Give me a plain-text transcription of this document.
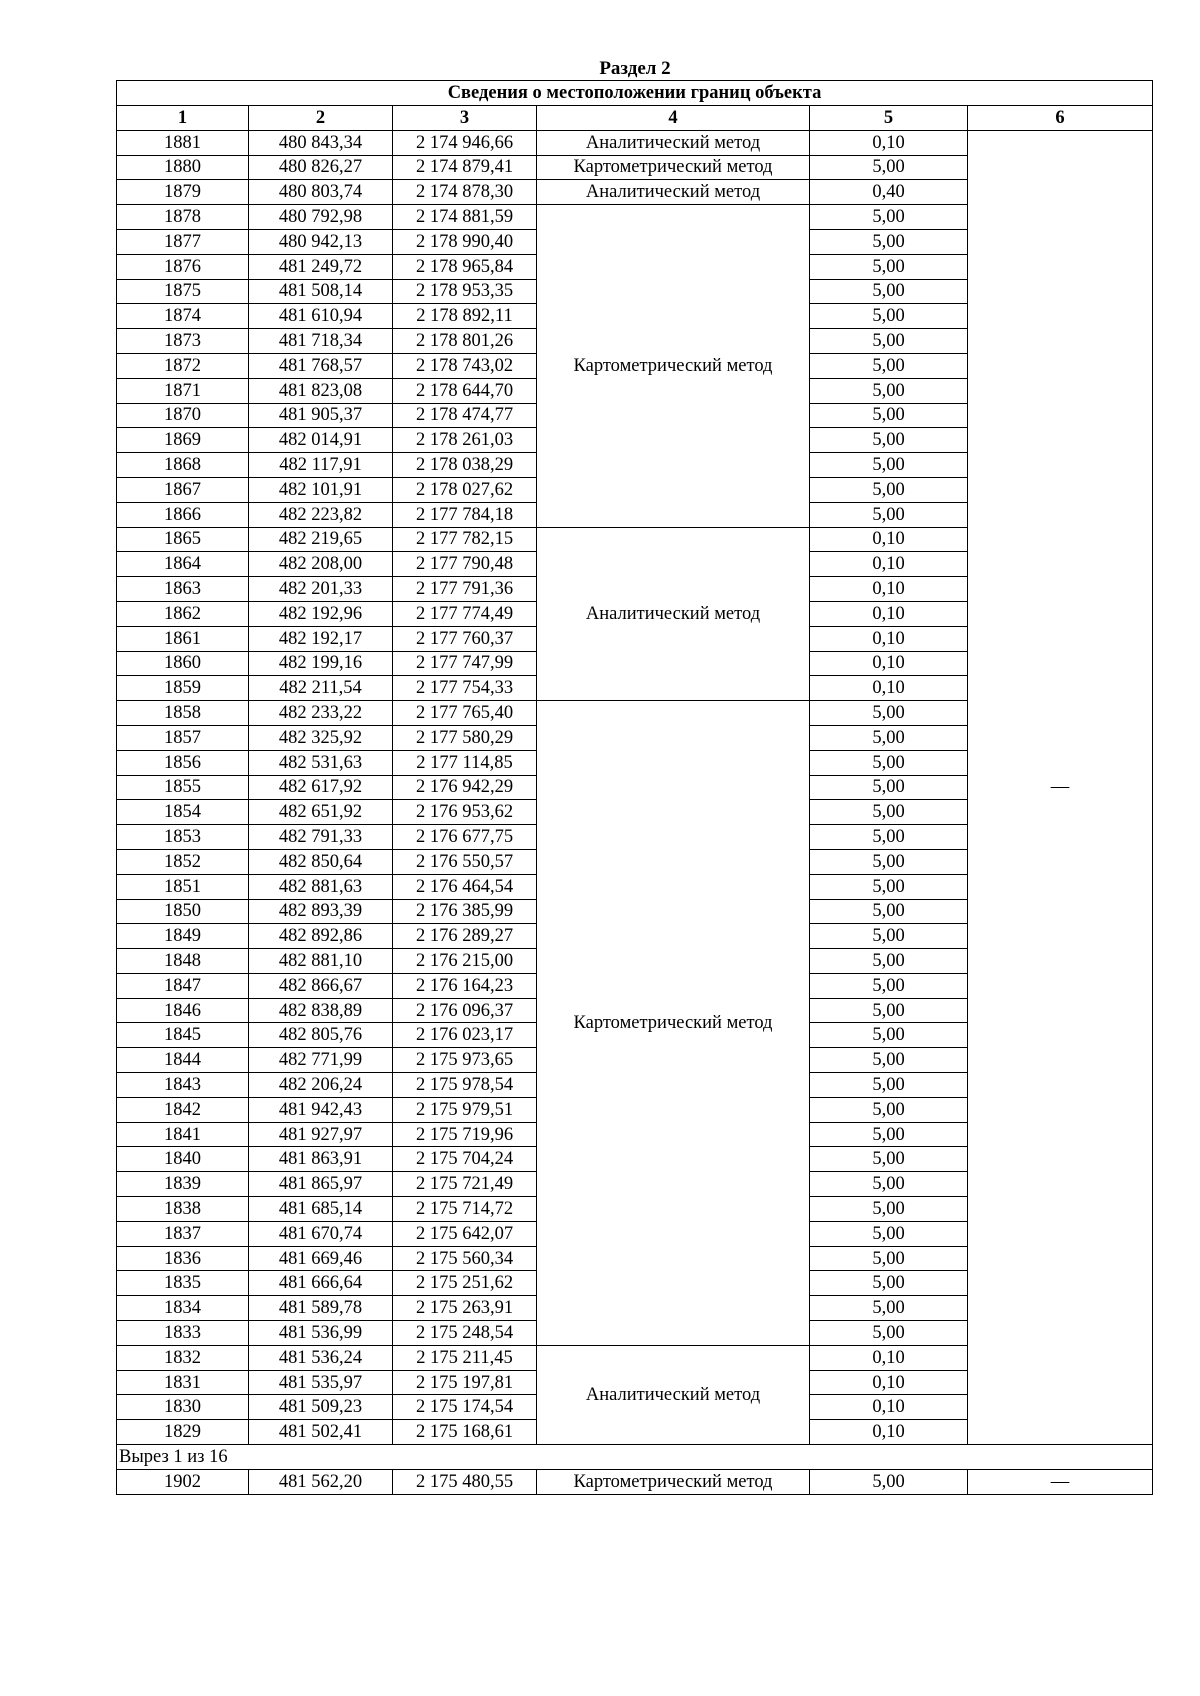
Раздел 2
Сведения о местоположении границ объекта					
1	2	3	4	5	6
1881	480 843,34	2 174 946,66	Аналитический метод	0,10	—
1880	480 826,27	2 174 879,41	Картометрический метод	5,00	
1879	480 803,74	2 174 878,30	Аналитический метод	0,40	
1878	480 792,98	2 174 881,59	Картометрический метод	5,00	
1877	480 942,13	2 178 990,40		5,00	
1876	481 249,72	2 178 965,84		5,00	
1875	481 508,14	2 178 953,35		5,00	
1874	481 610,94	2 178 892,11		5,00	
1873	481 718,34	2 178 801,26		5,00	
1872	481 768,57	2 178 743,02		5,00	
1871	481 823,08	2 178 644,70		5,00	
1870	481 905,37	2 178 474,77		5,00	
1869	482 014,91	2 178 261,03		5,00	
1868	482 117,91	2 178 038,29		5,00	
1867	482 101,91	2 178 027,62		5,00	
1866	482 223,82	2 177 784,18		5,00	
1865	482 219,65	2 177 782,15	Аналитический метод	0,10	
1864	482 208,00	2 177 790,48		0,10	
1863	482 201,33	2 177 791,36		0,10	
1862	482 192,96	2 177 774,49		0,10	
1861	482 192,17	2 177 760,37		0,10	
1860	482 199,16	2 177 747,99		0,10	
1859	482 211,54	2 177 754,33		0,10	
1858	482 233,22	2 177 765,40	Картометрический метод	5,00	
1857	482 325,92	2 177 580,29		5,00	
1856	482 531,63	2 177 114,85		5,00	
1855	482 617,92	2 176 942,29		5,00	
1854	482 651,92	2 176 953,62		5,00	
1853	482 791,33	2 176 677,75		5,00	
1852	482 850,64	2 176 550,57		5,00	
1851	482 881,63	2 176 464,54		5,00	
1850	482 893,39	2 176 385,99		5,00	
1849	482 892,86	2 176 289,27		5,00	
1848	482 881,10	2 176 215,00		5,00	
1847	482 866,67	2 176 164,23		5,00	
1846	482 838,89	2 176 096,37		5,00	
1845	482 805,76	2 176 023,17		5,00	
1844	482 771,99	2 175 973,65		5,00	
1843	482 206,24	2 175 978,54		5,00	
1842	481 942,43	2 175 979,51		5,00	
1841	481 927,97	2 175 719,96		5,00	
1840	481 863,91	2 175 704,24		5,00	
1839	481 865,97	2 175 721,49		5,00	
1838	481 685,14	2 175 714,72		5,00	
1837	481 670,74	2 175 642,07		5,00	
1836	481 669,46	2 175 560,34		5,00	
1835	481 666,64	2 175 251,62		5,00	
1834	481 589,78	2 175 263,91		5,00	
1833	481 536,99	2 175 248,54		5,00	
1832	481 536,24	2 175 211,45	Аналитический метод	0,10	
1831	481 535,97	2 175 197,81		0,10	
1830	481 509,23	2 175 174,54		0,10	
1829	481 502,41	2 175 168,61		0,10	
Вырез 1 из 16					
1902	481 562,20	2 175 480,55	Картометрический метод	5,00	—
